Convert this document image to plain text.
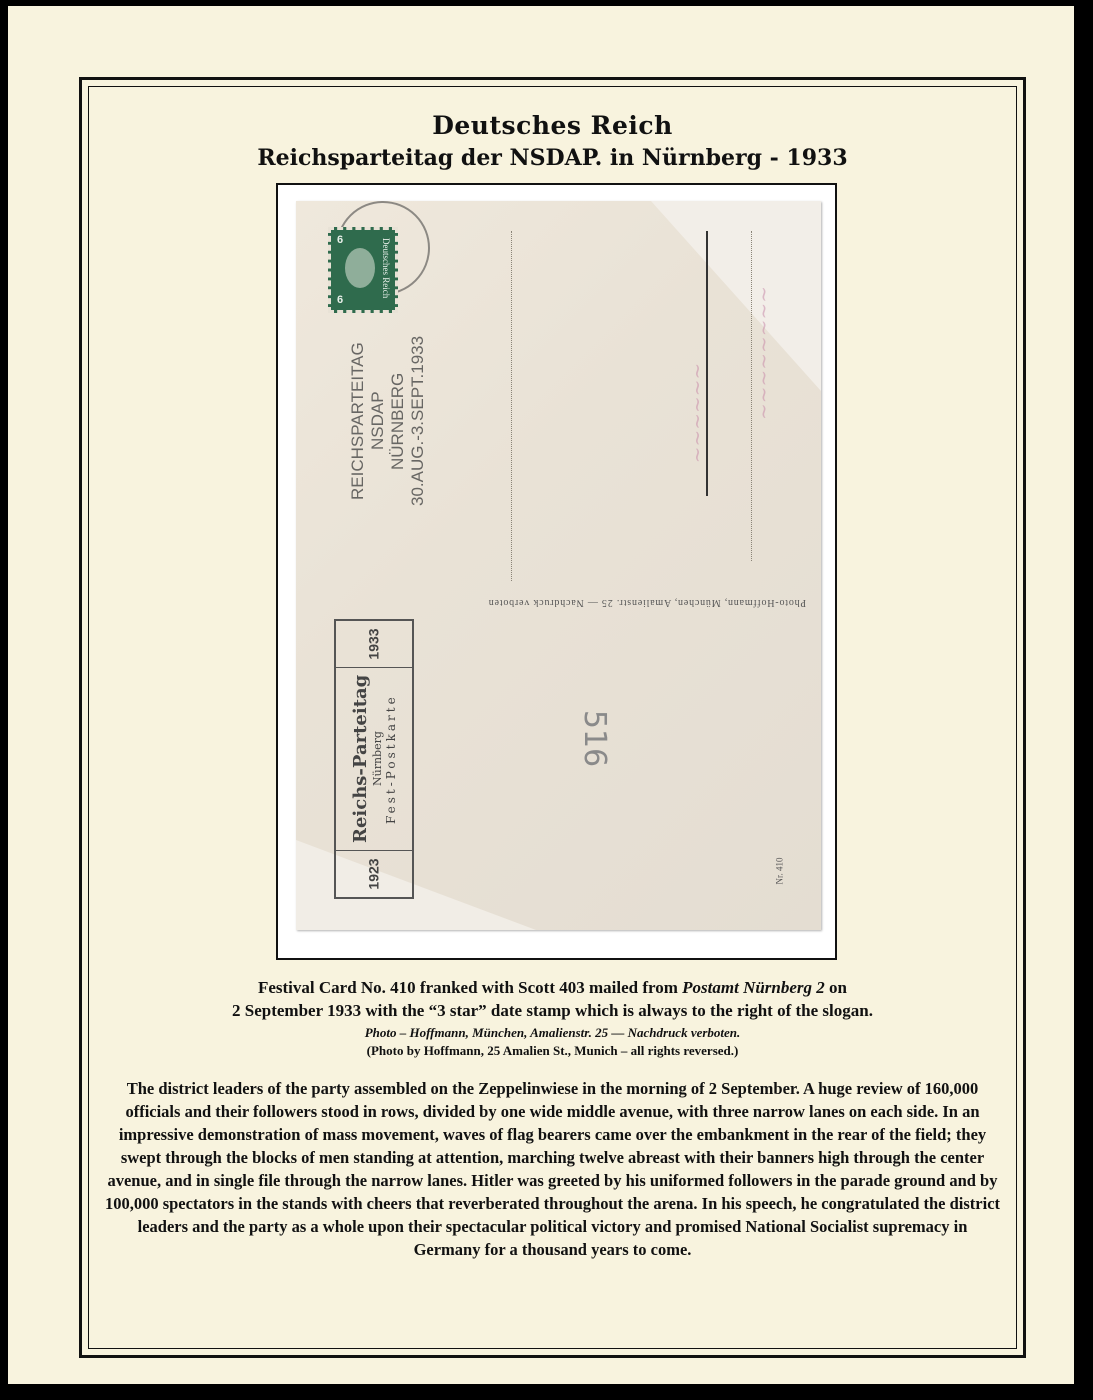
Deutsches Reich
Reichsparteitag der NSDAP. in Nürnberg - 1933
6
6
Deutsches Reich
REICHSPARTEITAG NSDAP NÜRNBERG 30.AUG.-3.SEPT.1933
Photo-Hoffmann, München, Amalienstr. 25 — Nachdruck verboten
1933
Reichs-Parteitag Nürnberg Fest-Postkarte
1923
516
Nr. 410
~~~~~~ ~~~~~~~~
Festival Card No. 410 franked with Scott 403 mailed from Postamt Nürnberg 2 on
2 September 1933 with the “3 star” date stamp which is always to the right of the slogan.
Photo – Hoffmann, München, Amalienstr. 25 — Nachdruck verboten.
(Photo by Hoffmann, 25 Amalien St., Munich – all rights reversed.)
The district leaders of the party assembled on the Zeppelinwiese in the morning of 2 September. A huge review of 160,000 officials and their followers stood in rows, divided by one wide middle avenue, with three narrow lanes on each side. In an impressive demonstration of mass movement, waves of flag bearers came over the embankment in the rear of the field; they swept through the blocks of men standing at attention, marching twelve abreast with their banners high through the center avenue, and in single file through the narrow lanes. Hitler was greeted by his uniformed followers in the parade ground and by 100,000 spectators in the stands with cheers that reverberated throughout the arena. In his speech, he congratulated the district leaders and the party as a whole upon their spectacular political victory and promised National Socialist supremacy in Germany for a thousand years to come.
